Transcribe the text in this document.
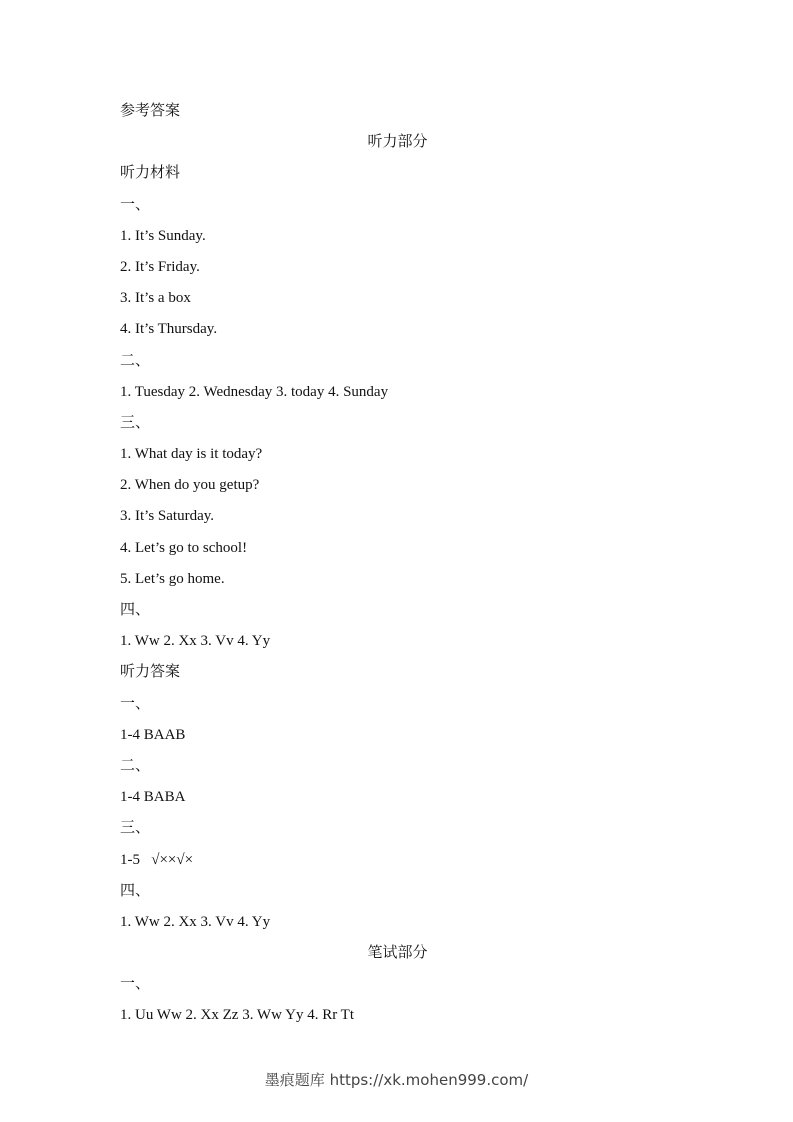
参考答案
听力部分
听力材料
一、
1. It’s Sunday.
2. It’s Friday.
3. It’s a box
4. It’s Thursday.
二、
1. Tuesday 2. Wednesday 3. today 4. Sunday
三、
1. What day is it today?
2. When do you getup?
3. It’s Saturday.
4. Let’s go to school!
5. Let’s go home.
四、
1. Ww 2. Xx 3. Vv 4. Yy
听力答案
一、
1-4 BAAB
二、
1-4 BABA
三、
1-5   √××√×
四、
1. Ww 2. Xx 3. Vv 4. Yy
笔试部分
一、
1. Uu Ww 2. Xx Zz 3. Ww Yy 4. Rr Tt
墨痕题库 https://xk.mohen999.com/
